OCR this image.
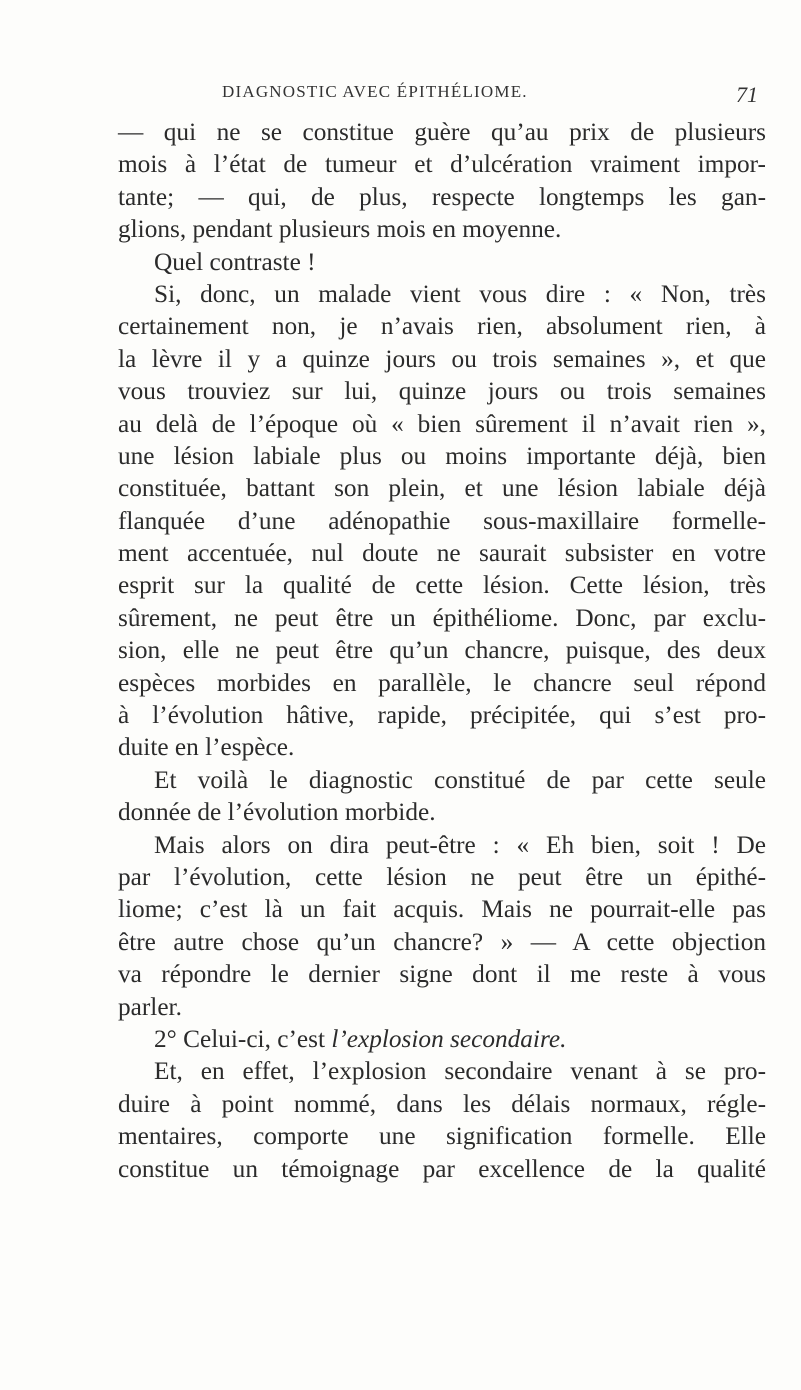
DIAGNOSTIC AVEC ÉPITHÉLIOME.	71
— qui ne se constitue guère qu’au prix de plusieurs
mois à l’état de tumeur et d’ulcération vraiment impor-
tante; — qui, de plus, respecte longtemps les gan-
glions, pendant plusieurs mois en moyenne.
Quel contraste !
Si, donc, un malade vient vous dire : « Non, très
certainement non, je n’avais rien, absolument rien, à
la lèvre il y a quinze jours ou trois semaines », et que
vous trouviez sur lui, quinze jours ou trois semaines
au delà de l’époque où « bien sûrement il n’avait rien »,
une lésion labiale plus ou moins importante déjà, bien
constituée, battant son plein, et une lésion labiale déjà
flanquée d’une adénopathie sous-maxillaire formelle-
ment accentuée, nul doute ne saurait subsister en votre
esprit sur la qualité de cette lésion. Cette lésion, très
sûrement, ne peut être un épithéliome. Donc, par exclu-
sion, elle ne peut être qu’un chancre, puisque, des deux
espèces morbides en parallèle, le chancre seul répond
à l’évolution hâtive, rapide, précipitée, qui s’est pro-
duite en l’espèce.
Et voilà le diagnostic constitué de par cette seule
donnée de l’évolution morbide.
Mais alors on dira peut-être : « Eh bien, soit ! De
par l’évolution, cette lésion ne peut être un épithé-
liome; c’est là un fait acquis. Mais ne pourrait-elle pas
être autre chose qu’un chancre? » — A cette objection
va répondre le dernier signe dont il me reste à vous
parler.
2° Celui-ci, c’est l’explosion secondaire.
Et, en effet, l’explosion secondaire venant à se pro-
duire à point nommé, dans les délais normaux, régle-
mentaires, comporte une signification formelle. Elle
constitue un témoignage par excellence de la qualité
